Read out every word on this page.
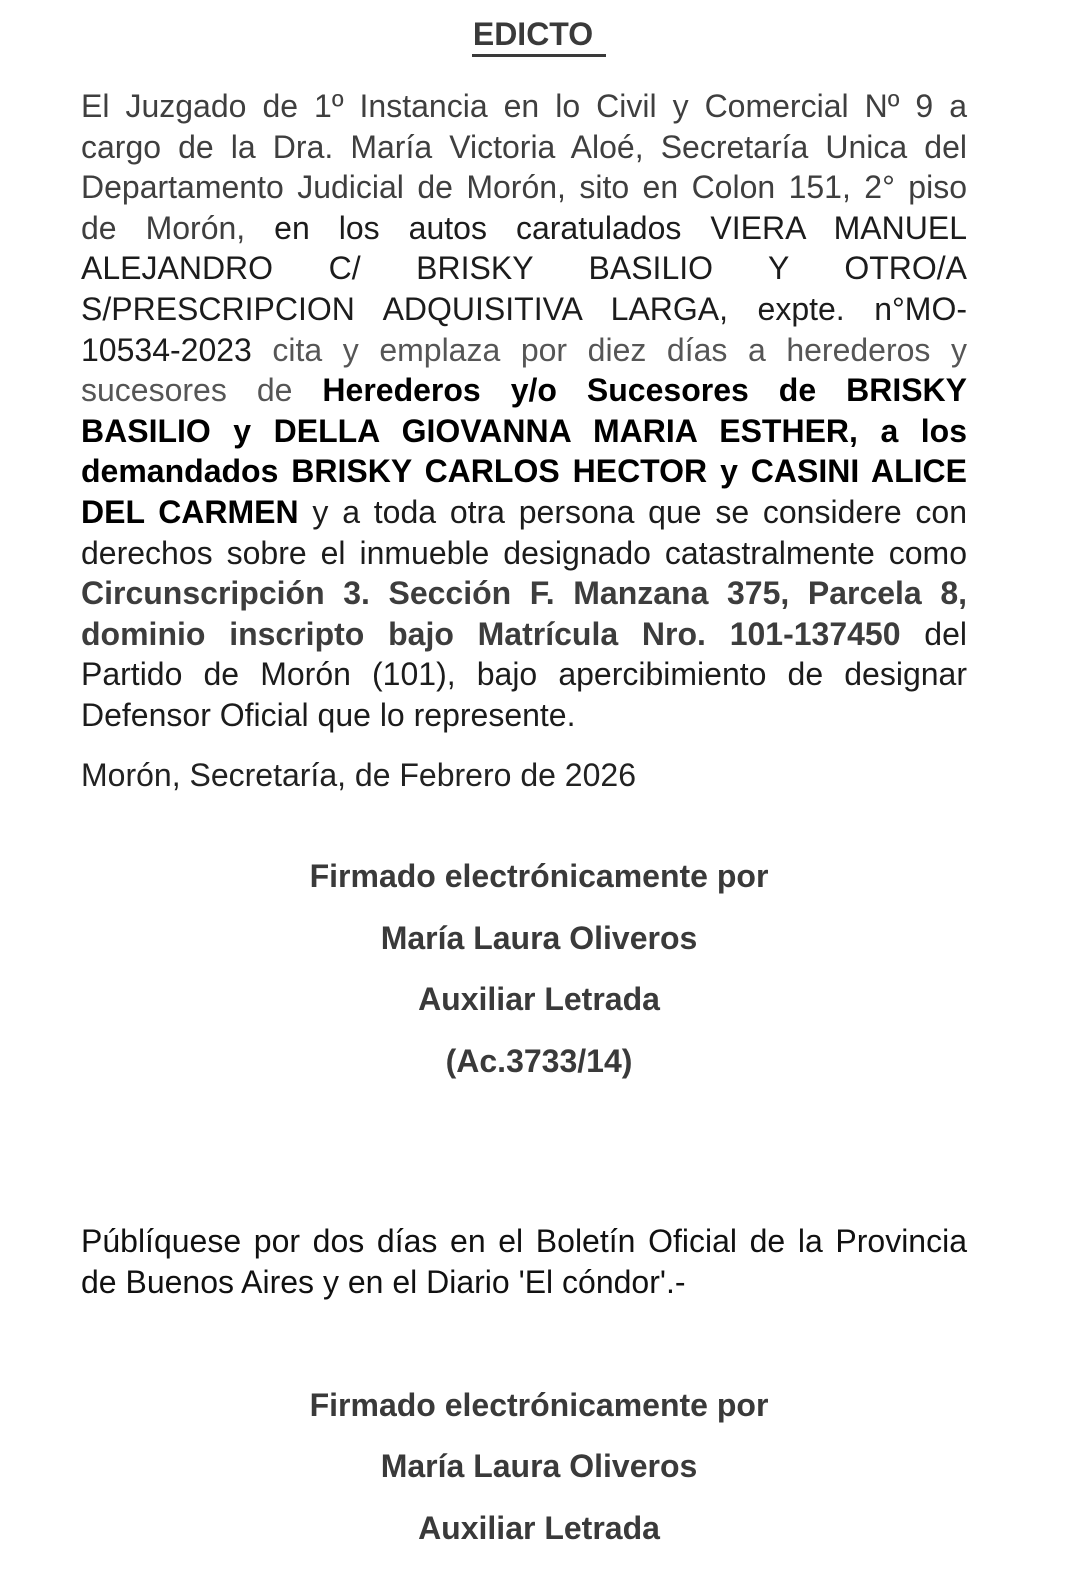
EDICTO

El Juzgado de 1º Instancia en lo Civil y Comercial Nº 9 a cargo de la Dra. María Victoria Aloé, Secretaría Unica del Departamento Judicial de Morón, sito en Colon 151, 2° piso de Morón, en los autos caratulados VIERA MANUEL ALEJANDRO C/ BRISKY BASILIO Y OTRO/A S/PRESCRIPCION ADQUISITIVA LARGA, expte. n°MO-10534-2023 cita y emplaza por diez días a herederos y sucesores de Herederos y/o Sucesores de BRISKY BASILIO y DELLA GIOVANNA MARIA ESTHER, a los demandados BRISKY CARLOS HECTOR y CASINI ALICE DEL CARMEN y a toda otra persona que se considere con derechos sobre el inmueble designado catastralmente como Circunscripción 3. Sección F. Manzana 375, Parcela 8, dominio inscripto bajo Matrícula Nro. 101-137450 del Partido de Morón (101), bajo apercibimiento de designar Defensor Oficial que lo represente.

Morón, Secretaría, de Febrero de 2026

Firmado electrónicamente por
María Laura Oliveros
Auxiliar Letrada
(Ac.3733/14)

Públíquese por dos días en el Boletín Oficial de la Provincia de Buenos Aires y en el Diario 'El cóndor'.-

Firmado electrónicamente por
María Laura Oliveros
Auxiliar Letrada
